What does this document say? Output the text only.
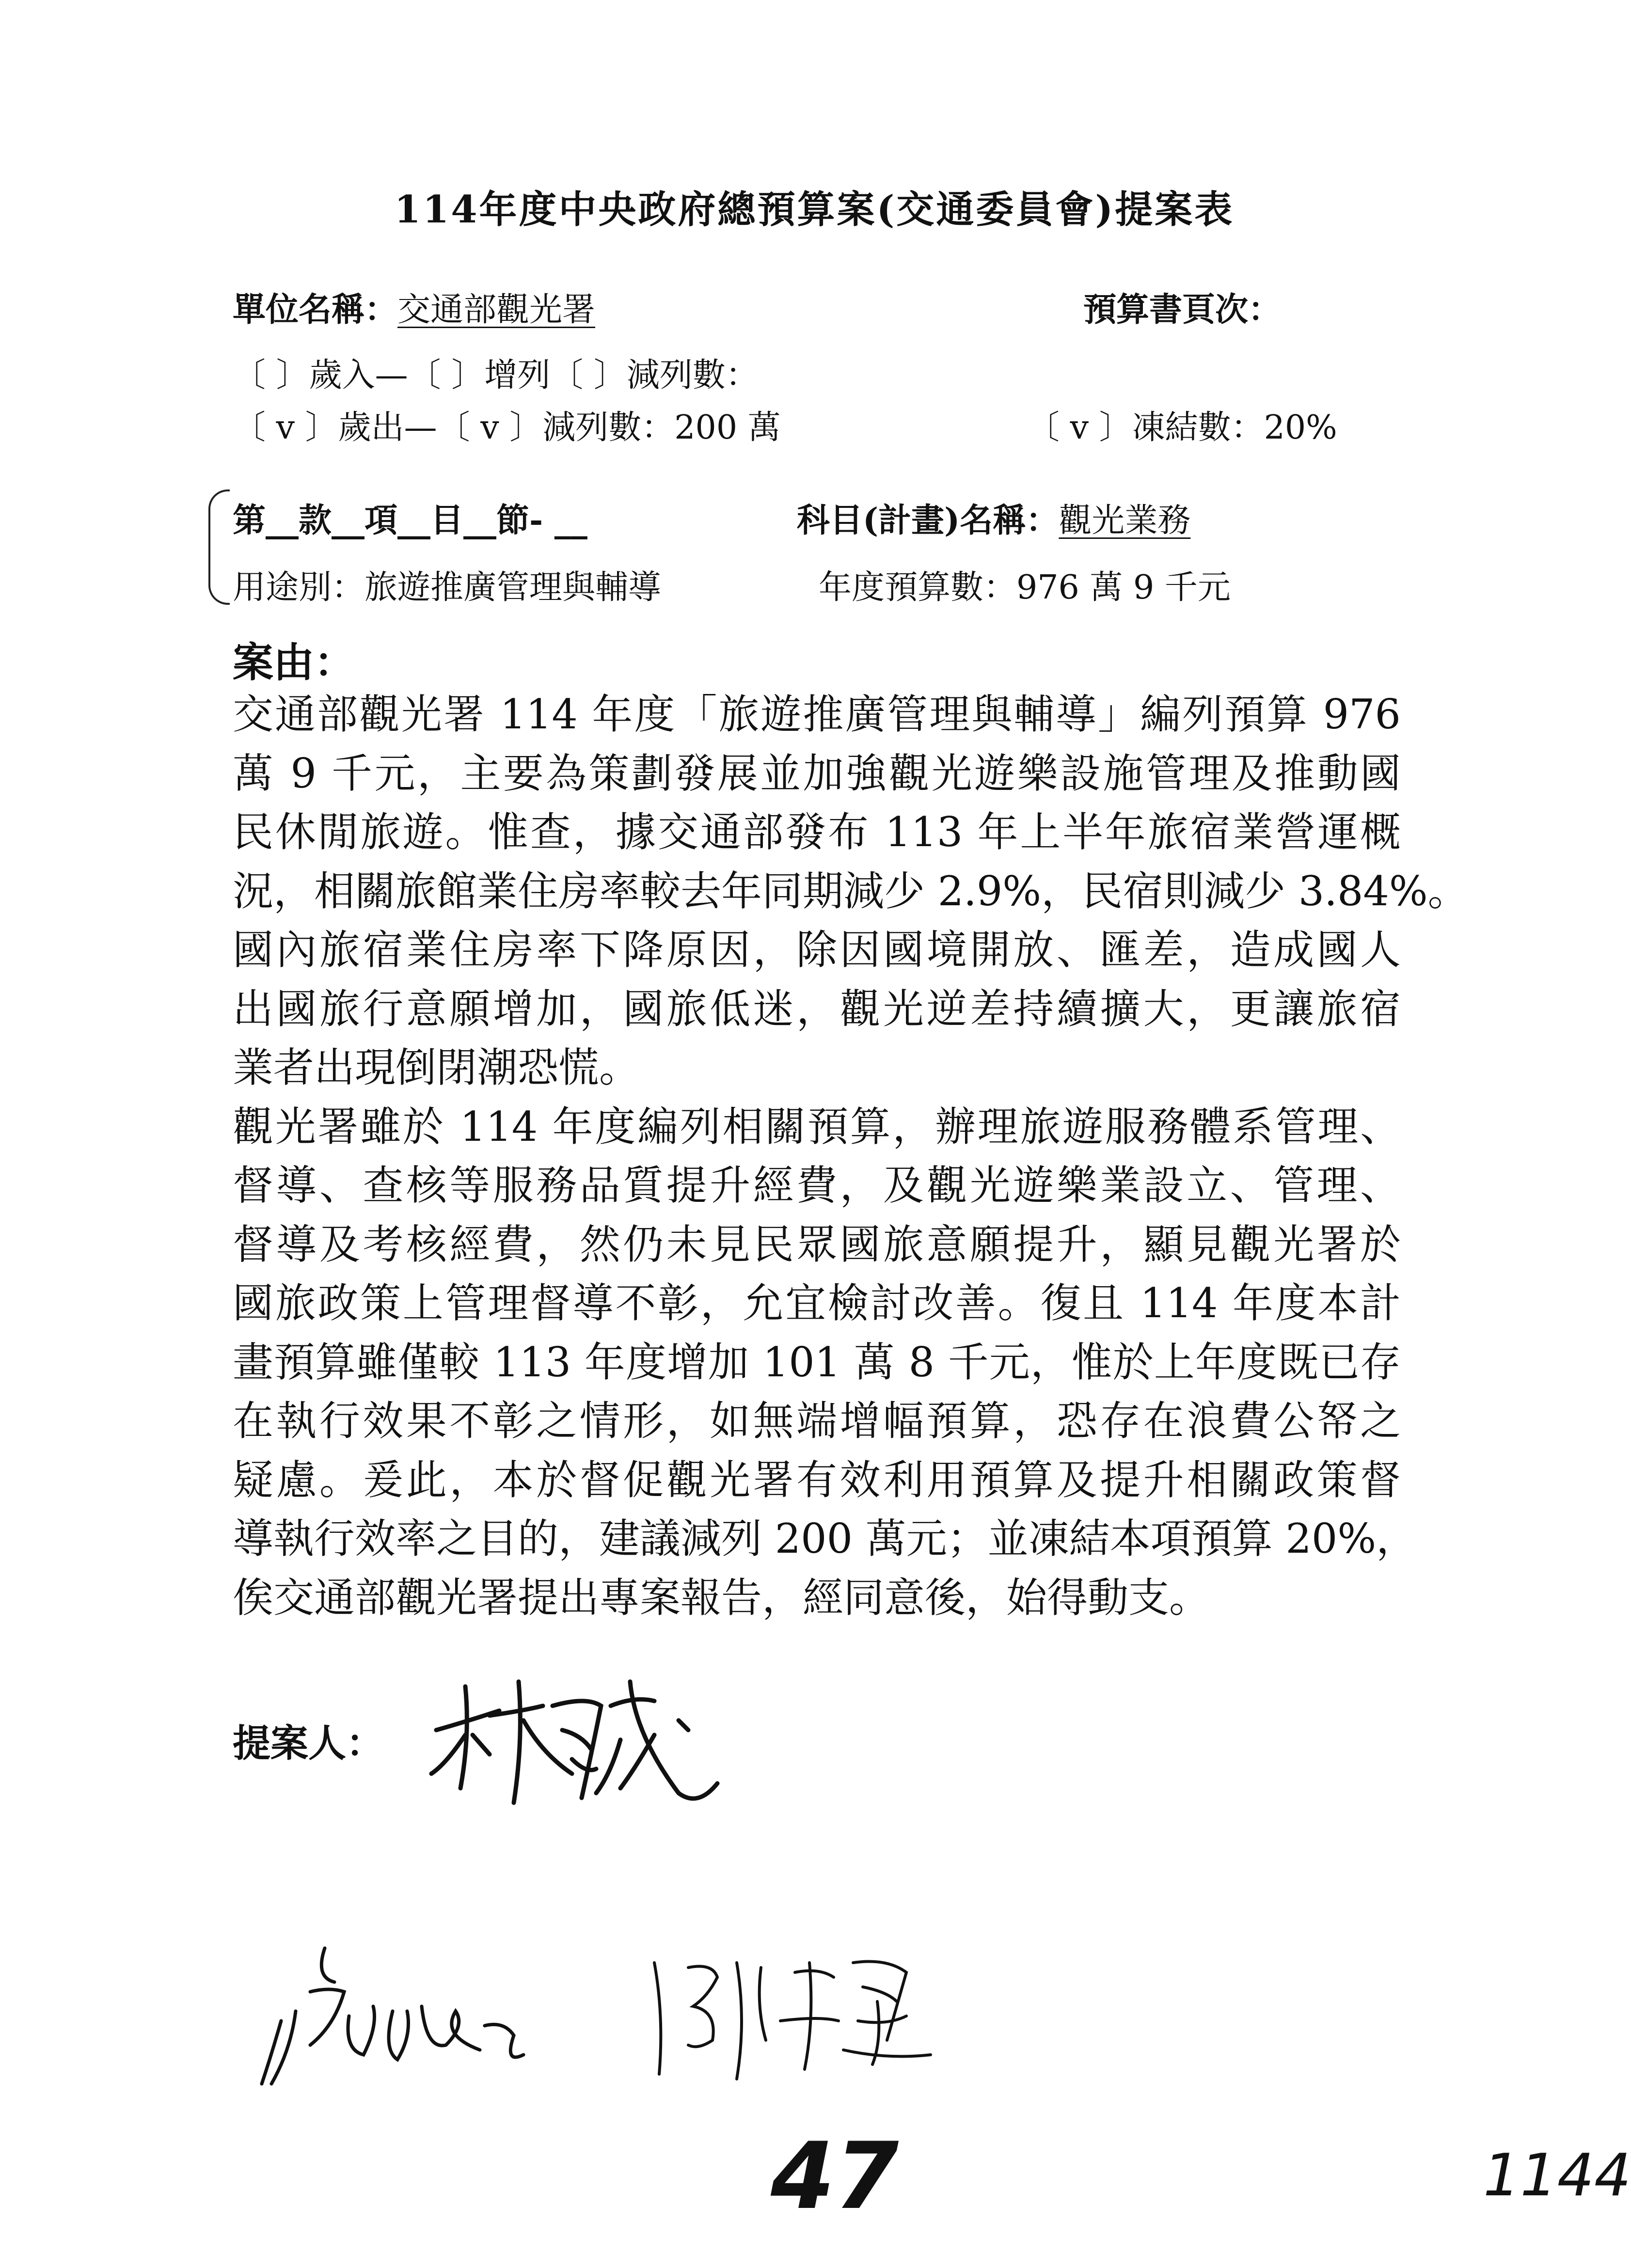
114年度中央政府總預算案(交通委員會)提案表
單位名稱：交通部觀光署	預算書頁次：
〔 〕歲入—〔 〕增列〔 〕減列數：
〔 v 〕歲出—〔 v 〕減列數：200 萬	〔 v 〕凍結數：20%
第__款__項__目__節- __	科目(計畫)名稱：觀光業務
用途別：旅遊推廣管理與輔導	年度預算數：976 萬 9 千元
案由：
交通部觀光署 114 年度「旅遊推廣管理與輔導」編列預算 976
萬 9 千元，主要為策劃發展並加強觀光遊樂設施管理及推動國
民休閒旅遊。惟查，據交通部發布 113 年上半年旅宿業營運概
況，相關旅館業住房率較去年同期減少 2.9%，民宿則減少 3.84%。
國內旅宿業住房率下降原因，除因國境開放、匯差，造成國人
出國旅行意願增加，國旅低迷，觀光逆差持續擴大，更讓旅宿
業者出現倒閉潮恐慌。
觀光署雖於 114 年度編列相關預算，辦理旅遊服務體系管理、
督導、查核等服務品質提升經費，及觀光遊樂業設立、管理、
督導及考核經費，然仍未見民眾國旅意願提升，顯見觀光署於
國旅政策上管理督導不彰，允宜檢討改善。復且 114 年度本計
畫預算雖僅較 113 年度增加 101 萬 8 千元，惟於上年度既已存
在執行效果不彰之情形，如無端增幅預算，恐存在浪費公帑之
疑慮。爰此，本於督促觀光署有效利用預算及提升相關政策督
導執行效率之目的，建議減列 200 萬元；並凍結本項預算 20%，
俟交通部觀光署提出專案報告，經同意後，始得動支。
提案人：
47	1144
